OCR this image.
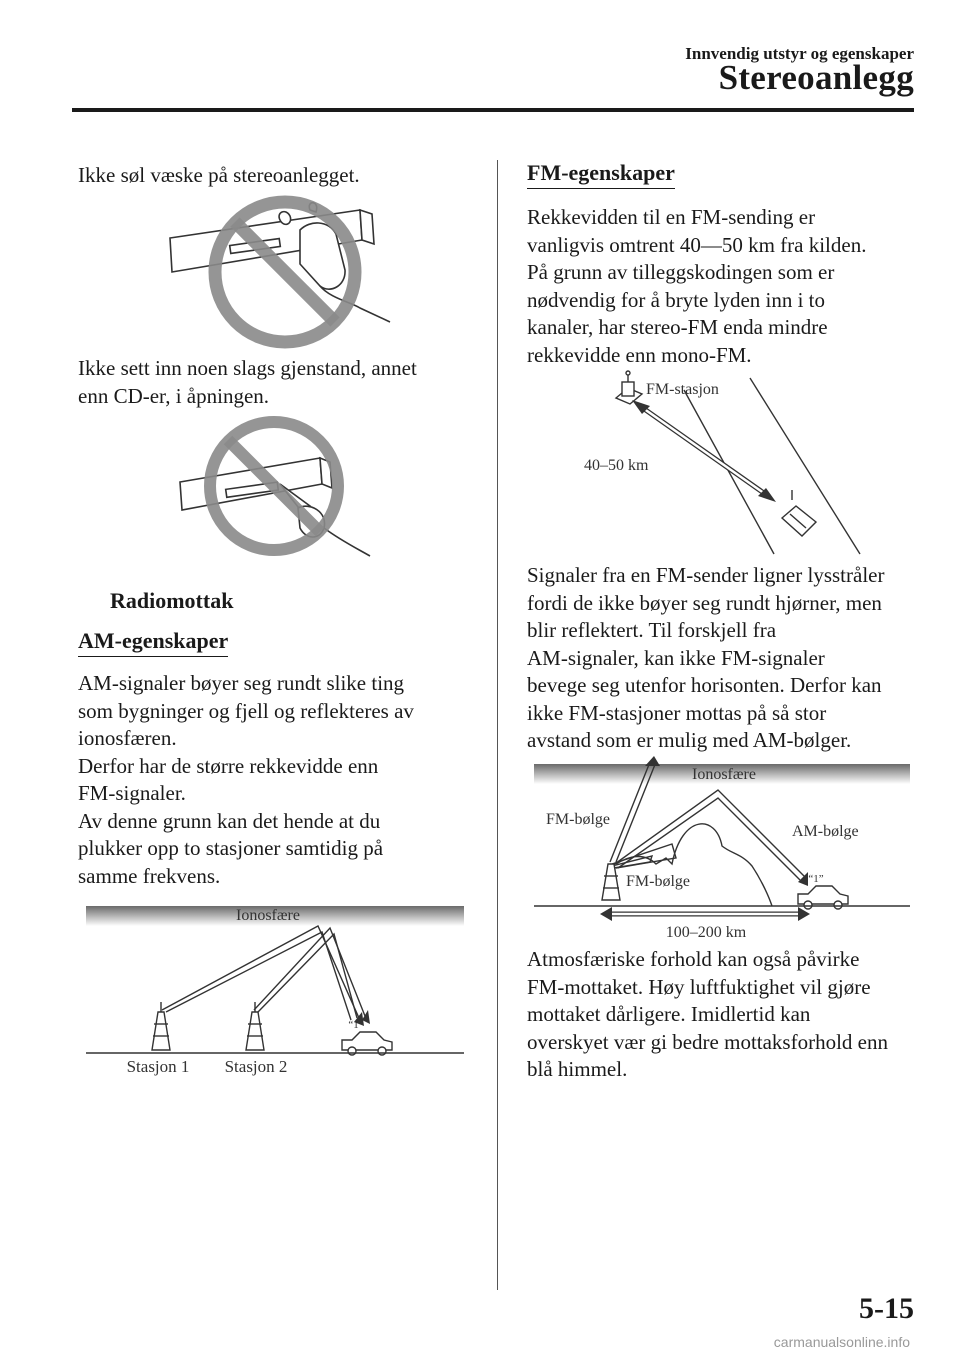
Innvendig utstyr og egenskaper
Stereoanlegg

Ikke søl væske på stereoanlegget.

Ikke sett inn noen slags gjenstand, annet
enn CD-er, i åpningen.

Radiomottak

AM-egenskaper

AM-signaler bøyer seg rundt slike ting
som bygninger og fjell og reflekteres av
ionosfæren.
Derfor har de større rekkevidde enn
FM-signaler.
Av denne grunn kan det hende at du
plukker opp to stasjoner samtidig på
samme frekvens.

Ionosfære
“1”
Stasjon 1 Stasjon 2

FM-egenskaper

Rekkevidden til en FM-sending er
vanligvis omtrent 40―50 km fra kilden.
På grunn av tilleggskodingen som er
nødvendig for å bryte lyden inn i to
kanaler, har stereo-FM enda mindre
rekkevidde enn mono-FM.

FM-stasjon
40–50 km

Signaler fra en FM-sender ligner lysstråler
fordi de ikke bøyer seg rundt hjørner, men
blir reflektert. Til forskjell fra
AM-signaler, kan ikke FM-signaler
bevege seg utenfor horisonten. Derfor kan
ikke FM-stasjoner mottas på så stor
avstand som er mulig med AM-bølger.

Ionosfære
“1”
FM-bølge
AM-bølge
FM-bølge
100–200 km

Atmosfæriske forhold kan også påvirke
FM-mottaket. Høy luftfuktighet vil gjøre
mottaket dårligere. Imidlertid kan
overskyet vær gi bedre mottaksforhold enn
blå himmel.

5-15
carmanualsonline.info
